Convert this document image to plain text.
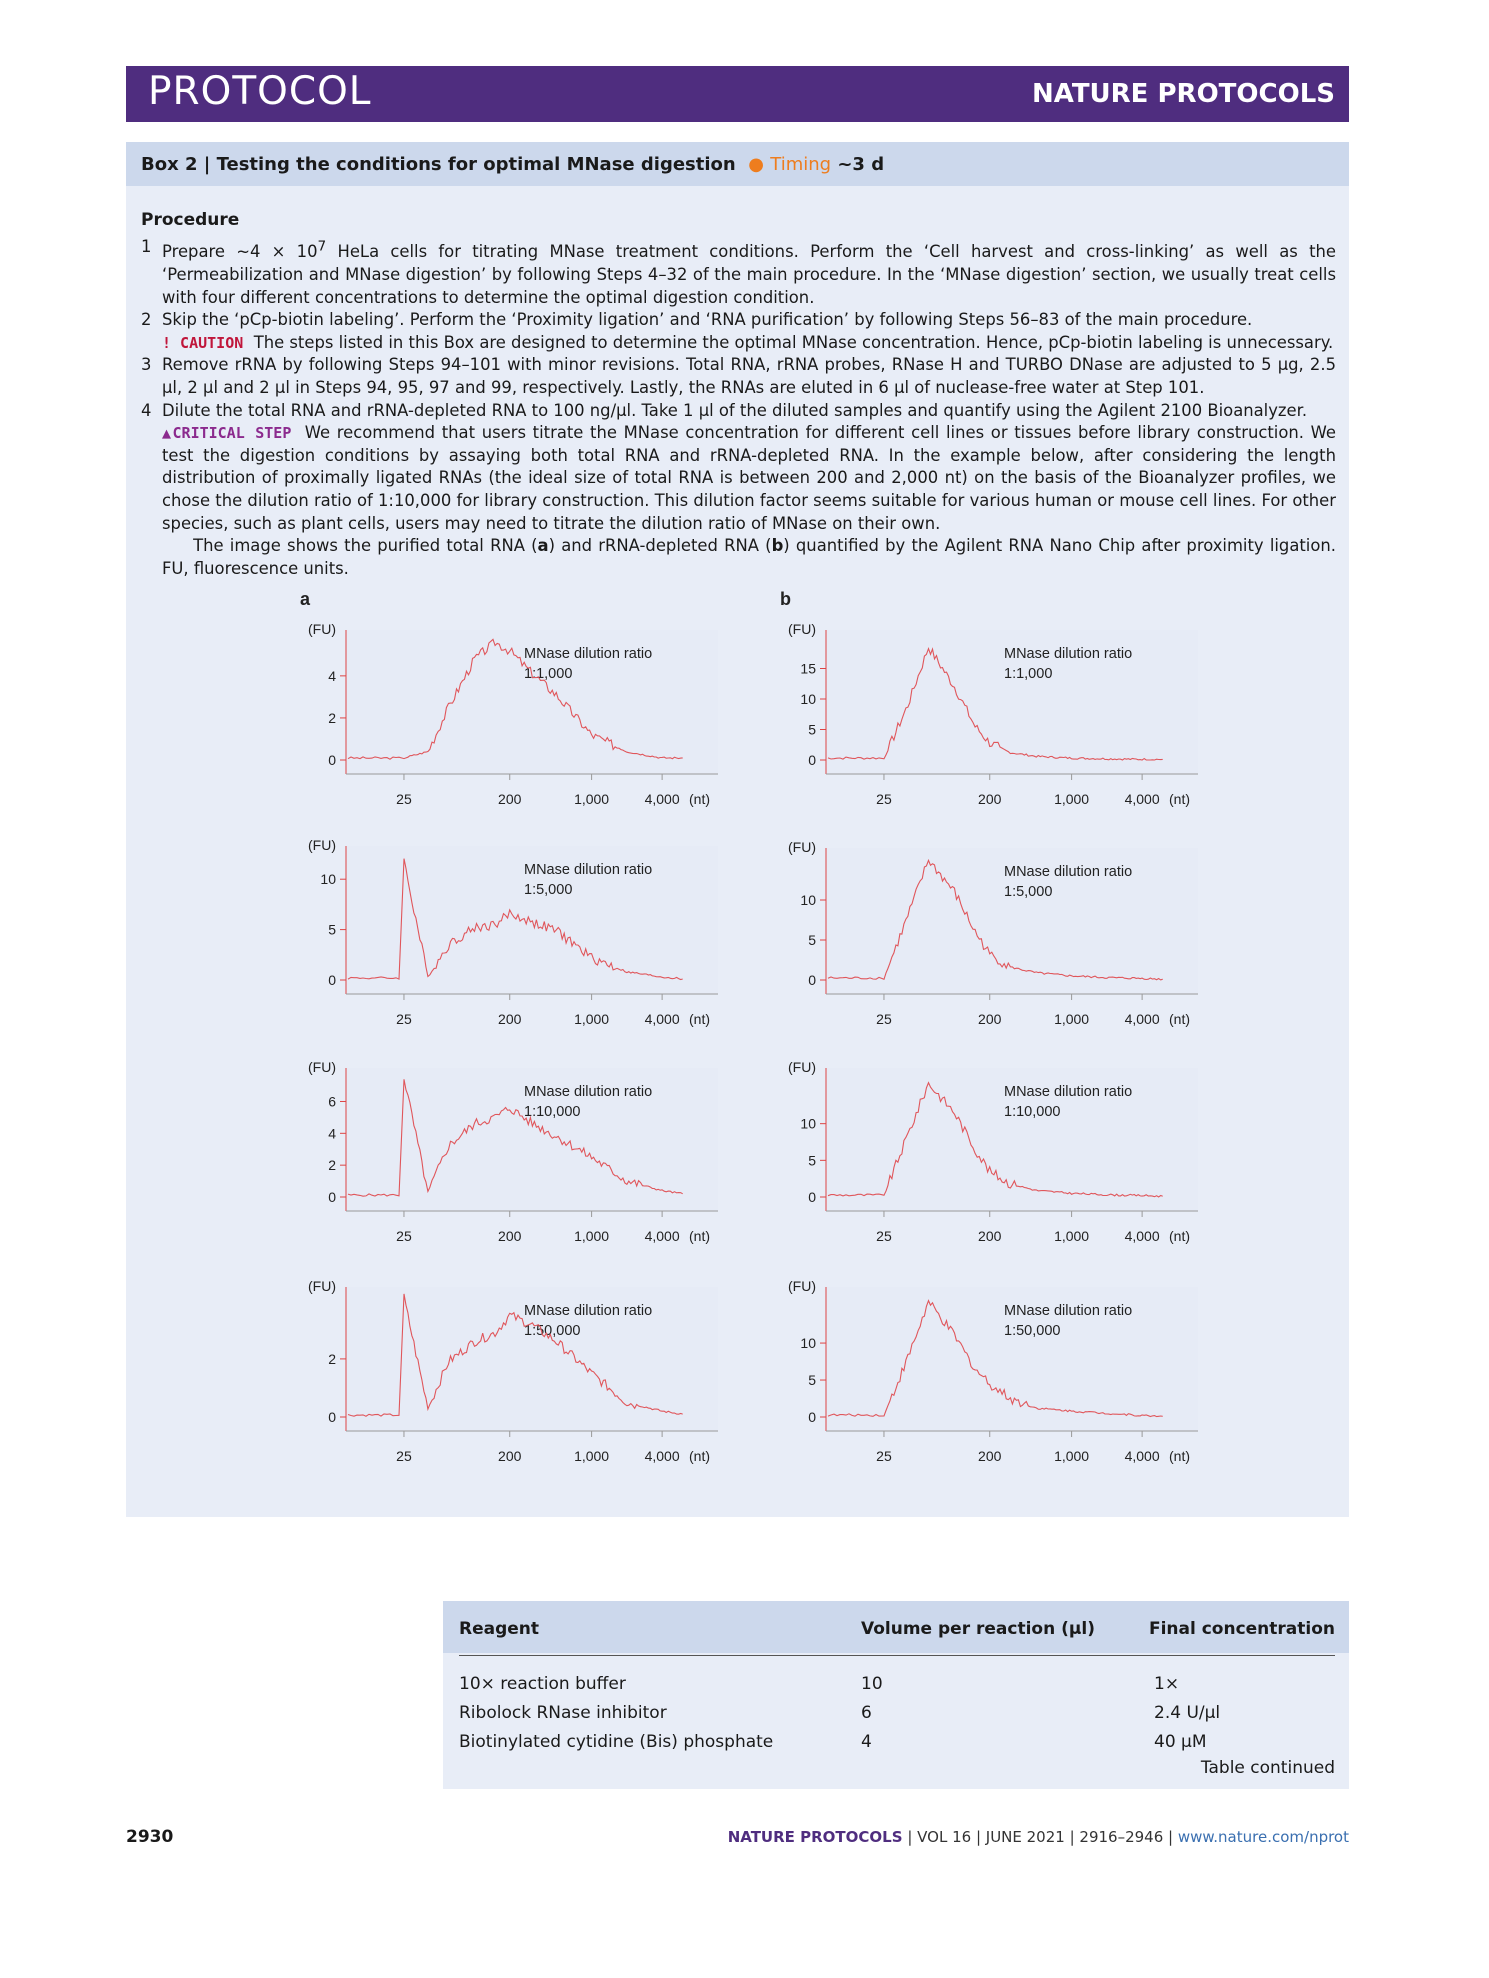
PROTOCOL	NATURE PROTOCOLS
Box 2 | Testing the conditions for optimal MNase digestion  ● Timing ~3 d
Procedure
1 Prepare ~4 × $10^7$ HeLa cells for titrating MNase treatment conditions. Perform the ‘Cell harvest and cross-linking’ as well as the ‘Permeabilization and MNase digestion’ by following Steps 4–32 of the main procedure. In the ‘MNase digestion’ section, we usually treat cells with four different concentrations to determine the optimal digestion condition.
2 Skip the ‘pCp-biotin labeling’. Perform the ‘Proximity ligation’ and ‘RNA purification’ by following Steps 56–83 of the main procedure.
! CAUTION  The steps listed in this Box are designed to determine the optimal MNase concentration. Hence, pCp-biotin labeling is unnecessary.
3 Remove rRNA by following Steps 94–101 with minor revisions. Total RNA, rRNA probes, RNase H and TURBO DNase are adjusted to 5 μg, 2.5 μl, 2 μl and 2 μl in Steps 94, 95, 97 and 99, respectively. Lastly, the RNAs are eluted in 6 μl of nuclease-free water at Step 101.
4 Dilute the total RNA and rRNA-depleted RNA to 100 ng/μl. Take 1 μl of the diluted samples and quantify using the Agilent 2100 Bioanalyzer.
▲CRITICAL STEP  We recommend that users titrate the MNase concentration for different cell lines or tissues before library construction. We test the digestion conditions by assaying both total RNA and rRNA-depleted RNA. In the example below, after considering the length distribution of proximally ligated RNAs (the ideal size of total RNA is between 200 and 2,000 nt) on the basis of the Bioanalyzer profiles, we chose the dilution ratio of 1:10,000 for library construction. This dilution factor seems suitable for various human or mouse cell lines. For other species, such as plant cells, users may need to titrate the dilution ratio of MNase on their own.
The image shows the purified total RNA (a) and rRNA-depleted RNA (b) quantified by the Agilent RNA Nano Chip after proximity ligation. FU, fluorescence units.
a	b
0
2
4
(FU)
25	200	1,000	4,000 (nt)
MNase dilution ratio
1:1,000
0
5
10
(FU)
25	200	1,000	4,000 (nt)
MNase dilution ratio
1:5,000
0
2
4
6
(FU)
25	200	1,000	4,000 (nt)
MNase dilution ratio
1:10,000
0
2
(FU)
25	200	1,000	4,000 (nt)
MNase dilution ratio
1:50,000
0
5
10
15
(FU)
25	200	1,000	4,000 (nt)
MNase dilution ratio
1:1,000
0
5
10
(FU)
25	200	1,000	4,000 (nt)
MNase dilution ratio
1:5,000
0
5
10
(FU)
25	200	1,000	4,000 (nt)
MNase dilution ratio
1:10,000
0
5
10
(FU)
25	200	1,000	4,000 (nt)
MNase dilution ratio
1:50,000
Reagent	Volume per reaction (μl)	Final concentration
10× reaction buffer	10	1×
Ribolock RNase inhibitor	6	2.4 U/μl
Biotinylated cytidine (Bis) phosphate	4	40 μM
Table continued
2930	NATURE PROTOCOLS | VOL 16 | JUNE 2021 | 2916–2946 | www.nature.com/nprot
